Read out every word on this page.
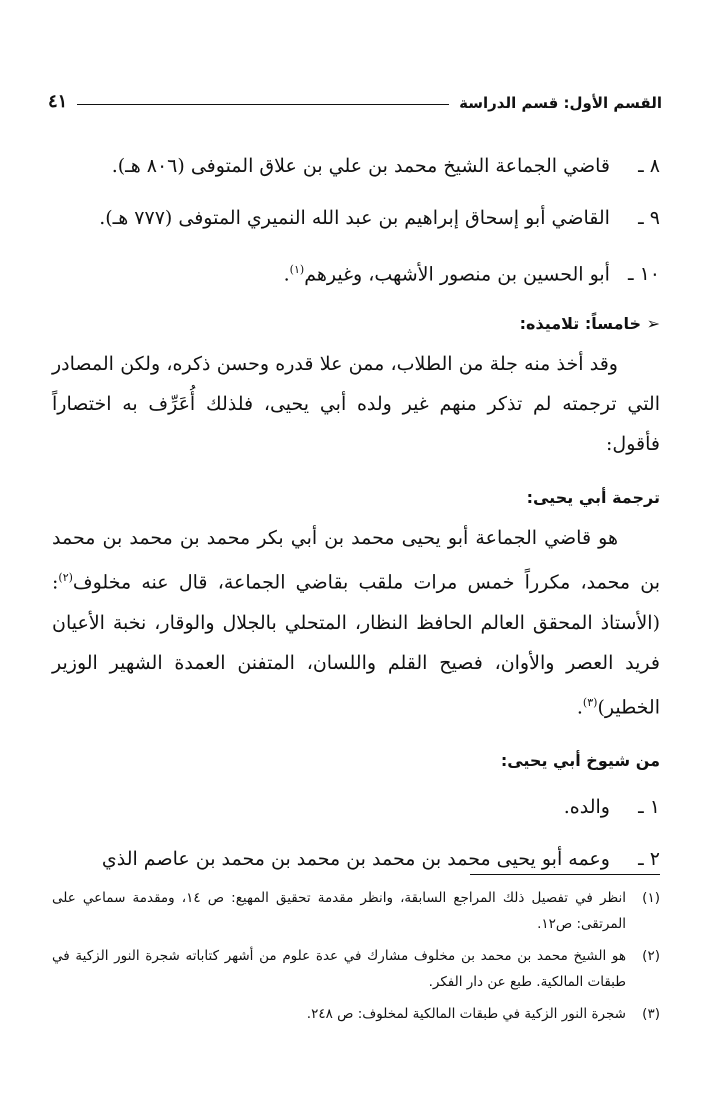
القسم الأول: قسم الدراسة
٤١
٨ ـ قاضي الجماعة الشيخ محمد بن علي بن علاق المتوفى (٨٠٦ هـ).
٩ ـ القاضي أبو إسحاق إبراهيم بن عبد الله النميري المتوفى (٧٧٧ هـ).
١٠ ـ أبو الحسين بن منصور الأشهب، وغيرهم$^{(١)}$.
➢ خامساً: تلاميذه:
وقد أخذ منه جلة من الطلاب، ممن علا قدره وحسن ذكره، ولكن المصادر التي ترجمته لم تذكر منهم غير ولده أبي يحيى، فلذلك أُعَرِّف به اختصاراً فأقول:
ترجمة أبي يحيى:
هو قاضي الجماعة أبو يحيى محمد بن أبي بكر محمد بن محمد بن محمد بن محمد، مكرراً خمس مرات ملقب بقاضي الجماعة، قال عنه مخلوف$^{(٢)}$: (الأستاذ المحقق العالم الحافظ النظار، المتحلي بالجلال والوقار، نخبة الأعيان فريد العصر والأوان، فصيح القلم واللسان، المتفنن العمدة الشهير الوزير الخطير)$^{(٣)}$.
من شيوخ أبي يحيى:
١ ـ والده.
٢ ـ وعمه أبو يحيى محمد بن محمد بن محمد بن محمد بن عاصم الذي
(١)
انظر في تفصيل ذلك المراجع السابقة، وانظر مقدمة تحقيق المهيع: ص ١٤، ومقدمة سماعي على المرتقى: ص١٢.
(٢)
هو الشيخ محمد بن محمد بن مخلوف مشارك في عدة علوم من أشهر كتاباته شجرة النور الزكية في طبقات المالكية. طبع عن دار الفكر.
(٣)
شجرة النور الزكية في طبقات المالكية لمخلوف: ص ٢٤٨.
